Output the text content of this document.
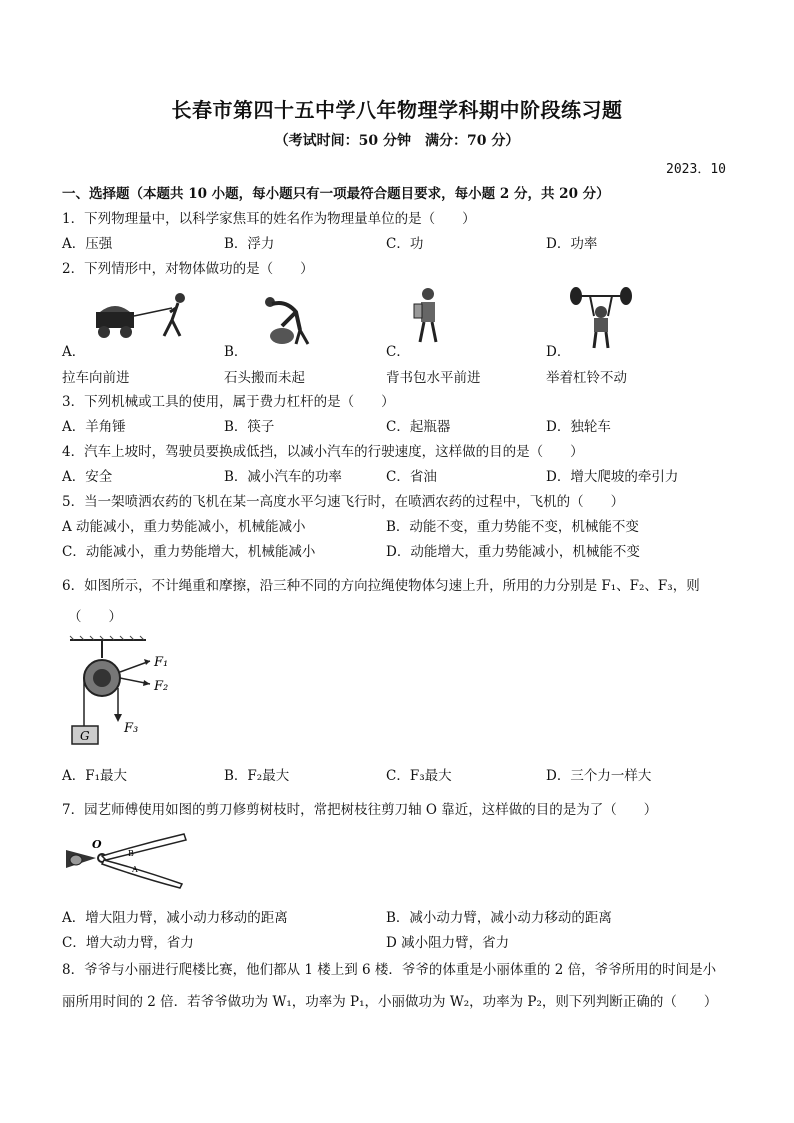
长春市第四十五中学八年物理学科期中阶段练习题
（考试时间：50 分钟　满分：70 分）
2023．10
一、选择题（本题共 10 小题，每小题只有一项最符合题目要求，每小题 2 分，共 20 分）
1．下列物理量中，以科学家焦耳的姓名作为物理量单位的是（　　）
A．压强	B．浮力	C．功	D．功率
2．下列情形中，对物体做功的是（　　）
A．	B．	C．	D．
拉车向前进	石头搬而未起	背书包水平前进	举着杠铃不动
3．下列机械或工具的使用，属于费力杠杆的是（　　）
A．羊角锤	B．筷子	C．起瓶器	D．独轮车
4．汽车上坡时，驾驶员要换成低挡，以减小汽车的行驶速度，这样做的目的是（　　）
A．安全	B．减小汽车的功率	C．省油	D．增大爬坡的牵引力
5．当一架喷洒农药的飞机在某一高度水平匀速飞行时，在喷洒农药的过程中，飞机的（　　）
A 动能减小，重力势能减小，机械能减小	B．动能不变，重力势能不变，机械能不变
C．动能减小，重力势能增大，机械能减小	D．动能增大，重力势能减小，机械能不变
6．如图所示，不计绳重和摩擦，沿三种不同的方向拉绳使物体匀速上升，所用的力分别是 F₁、F₂、F₃，则
（　　）
F₁
F₂
F₃
G
A．F₁最大	B．F₂最大	C．F₃最大	D．三个力一样大
7．园艺师傅使用如图的剪刀修剪树枝时，常把树枝往剪刀轴 O 靠近，这样做的目的是为了（　　）
O
B
A
A．增大阻力臂，减小动力移动的距离	B．减小动力臂，减小动力移动的距离
C．增大动力臂，省力	D 减小阻力臂，省力
8．爷爷与小丽进行爬楼比赛，他们都从 1 楼上到 6 楼．爷爷的体重是小丽体重的 2 倍，爷爷所用的时间是小
丽所用时间的 2 倍．若爷爷做功为 W₁，功率为 P₁，小丽做功为 W₂，功率为 P₂，则下列判断正确的（　　）
